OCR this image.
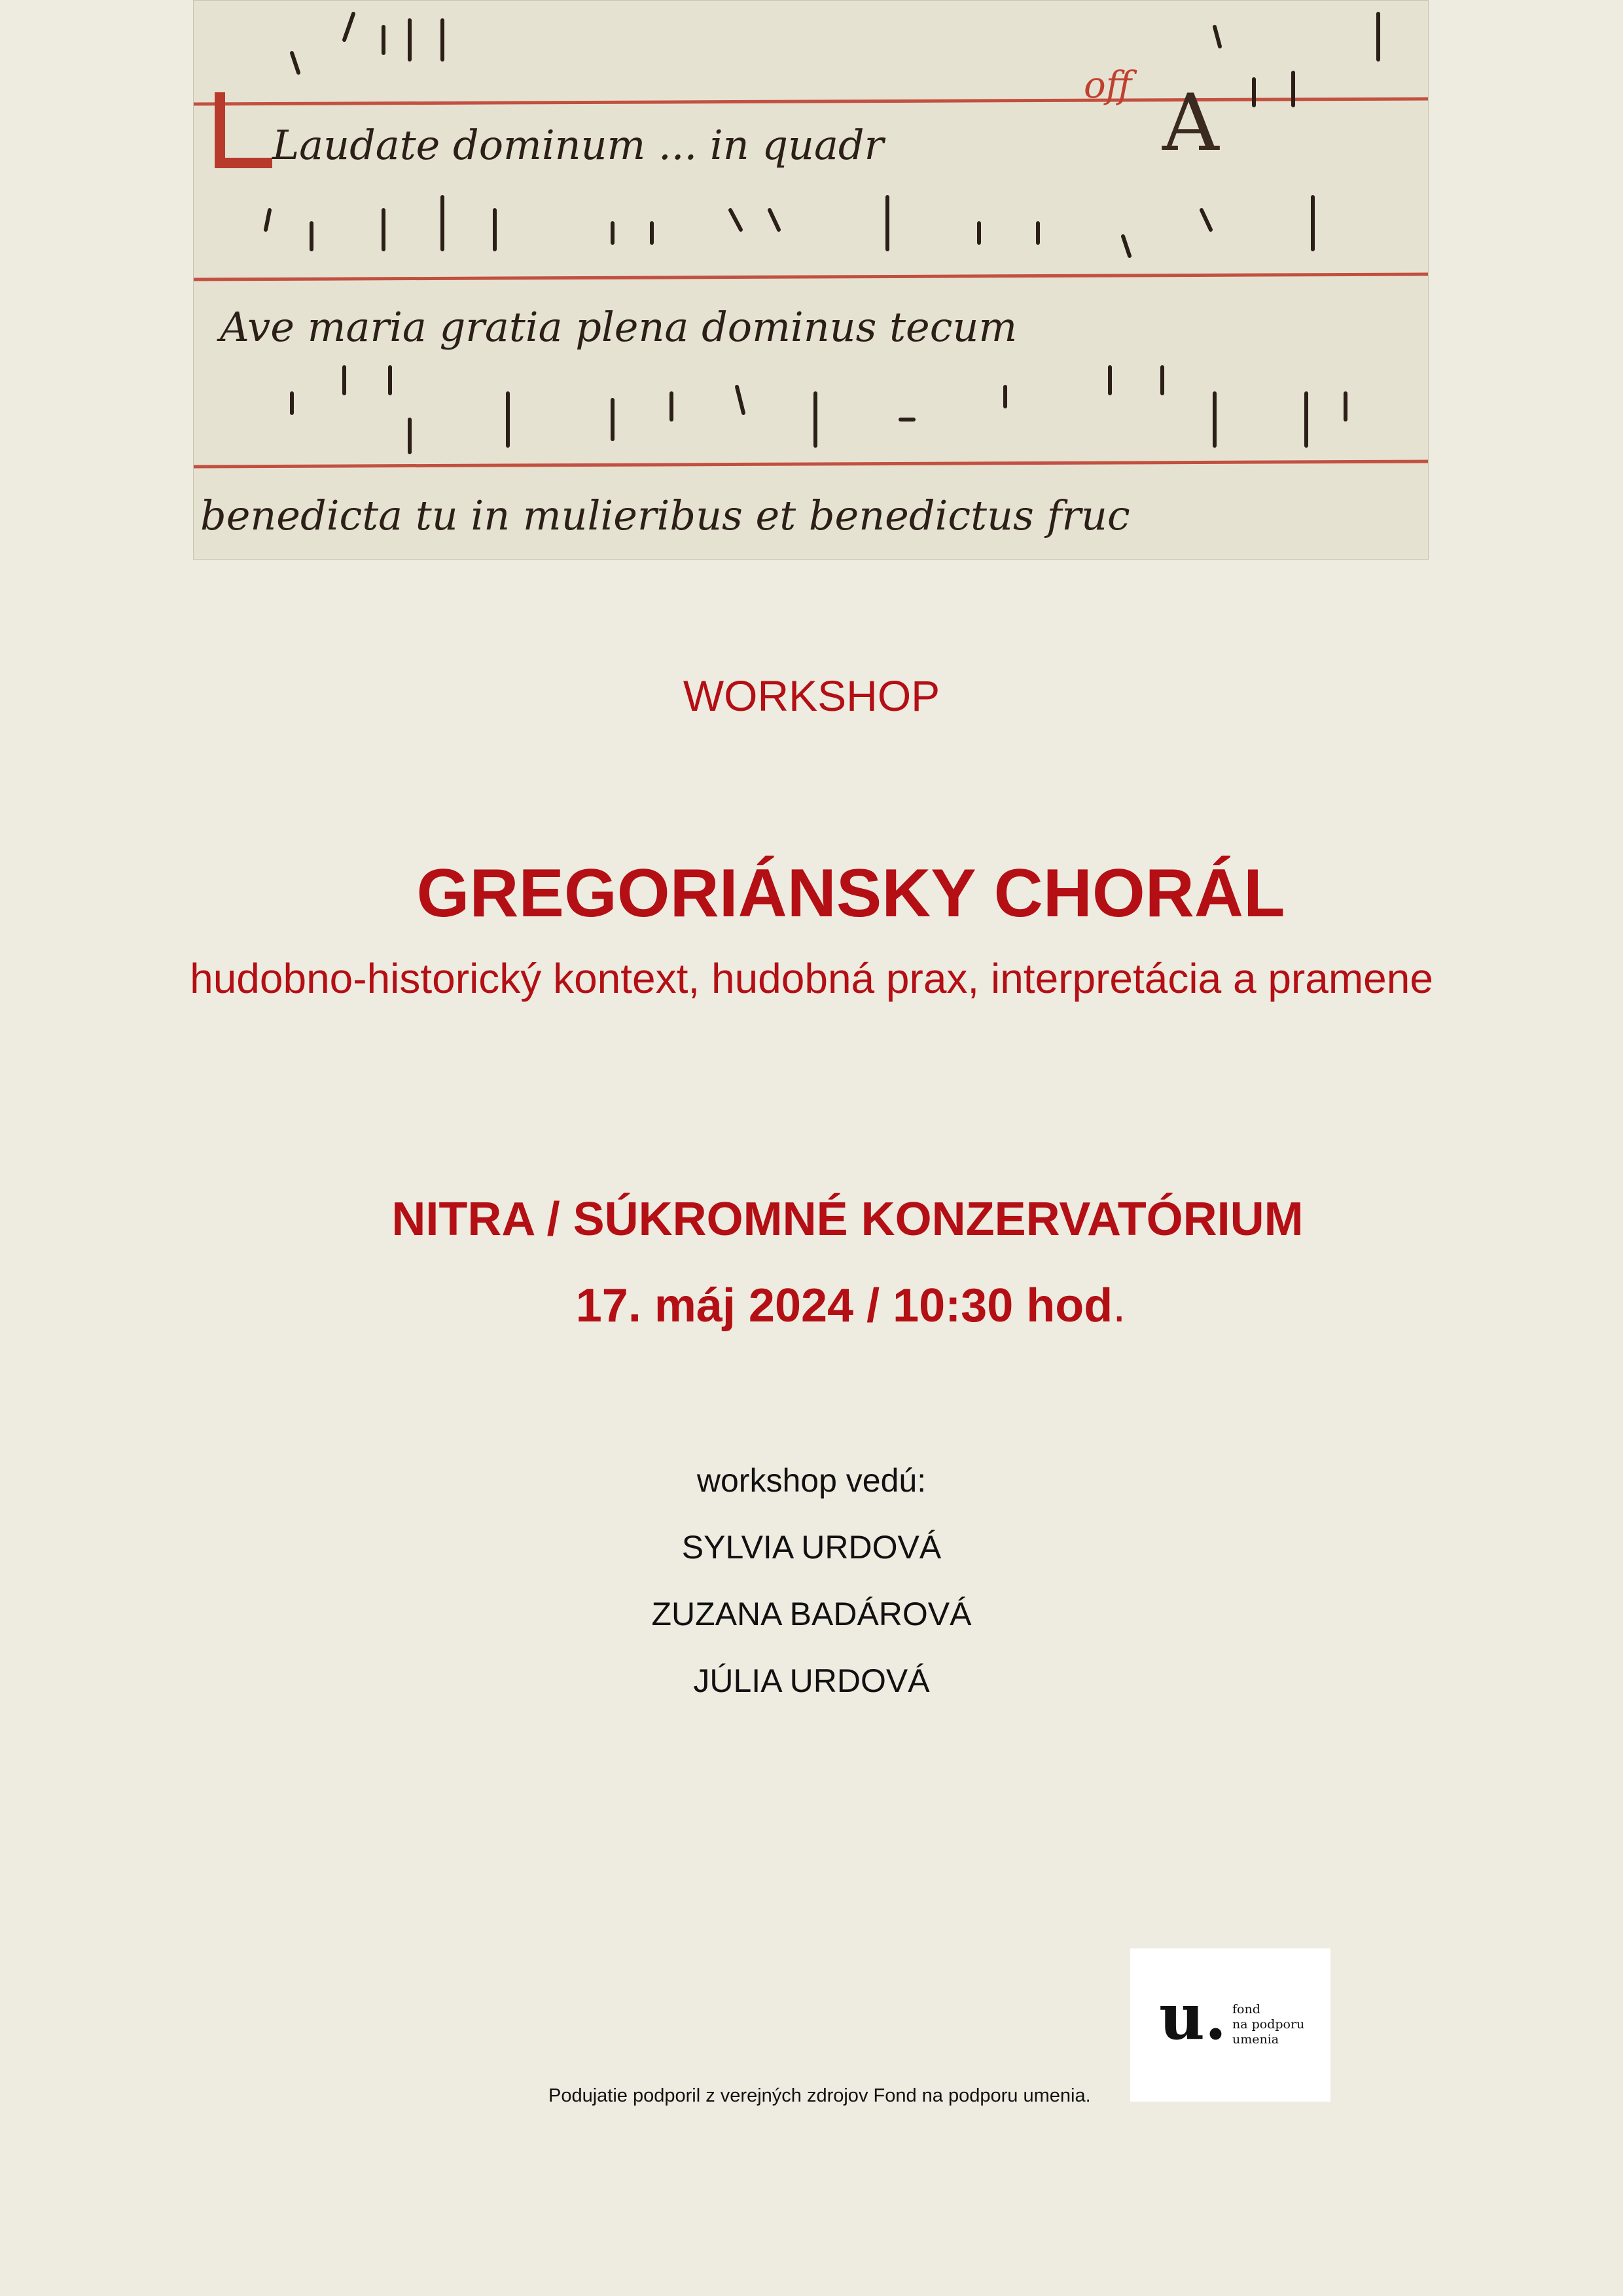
off A
Laudate dominum ... in quadr
Ave maria gratia plena dominus tecum
benedicta tu in mulieribus et benedictus fruc
WORKSHOP
GREGORIÁNSKY CHORÁL
hudobno-historický kontext, hudobná prax, interpretácia a pramene
NITRA / SÚKROMNÉ KONZERVATÓRIUM
17. máj 2024 / 10:30 hod.
workshop vedú:
SYLVIA URDOVÁ
ZUZANA BADÁROVÁ
JÚLIA URDOVÁ
Podujatie podporil z verejných zdrojov Fond na podporu umenia.
u. fond
na podporu
umenia
